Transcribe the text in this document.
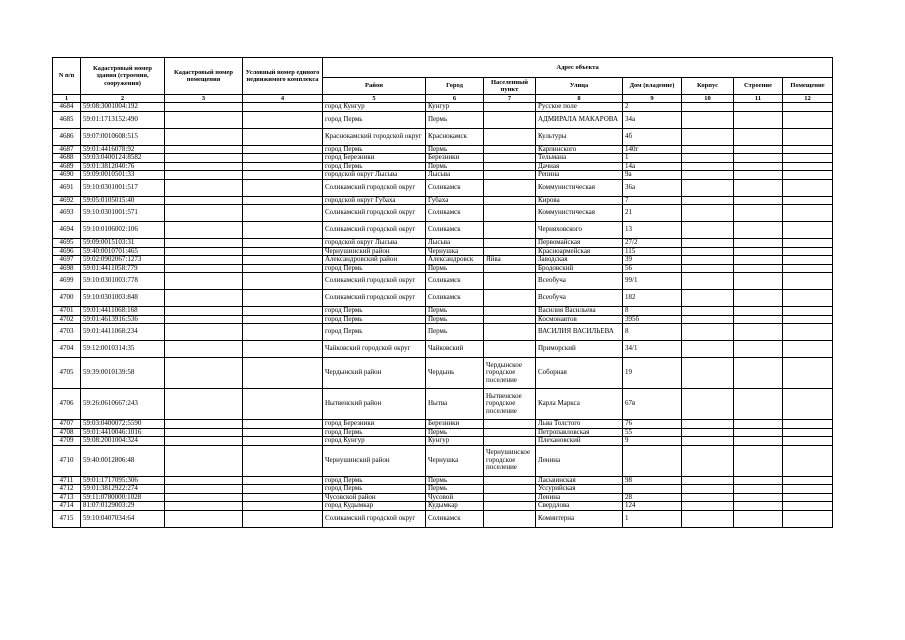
N п/п	Кадастровый номер здания (строения, сооружения)	Кадастровый номер помещения	Условный номер единого недвижимого комплекса	Адрес объекта							
				Район	Город	Населенный пункт	Улица	Дом (владение)	Корпус	Строение	Помещение
1	2	3	4	5	6	7	8	9	10	11	12
4684	59:08:3001004:192			город Кунгур	Кунгур		Русское поле	2			
4685	59:01:1713152:490			город Пермь	Пермь		АДМИРАЛА МАКАРОВА	34а			
4686	59:07:0010608:515			Краснокамский городской округ	Краснокамск		Культуры	4б			
4687	59:01:4416078:92			город Пермь	Пермь		Карпинского	140г			
4688	59:03:0400124:8582			город Березники	Березники		Тельмана	1			
4689	59:01:3812040:76			город Пермь	Пермь		Дачная	14а			
4690	59:09:0010501:33			городской округ Лысьва	Лысьва		Репина	9а			
4691	59:10:0301001:517			Соликамский городской округ	Соликамск		Коммунистическая	36а			
4692	59:05:0105015:40			городской округ Губаха	Губаха		Кирова	7			
4693	59:10:0301001:571			Соликамский городской округ	Соликамск		Коммунистическая	21			
4694	59:10:0106002:106			Соликамский городской округ	Соликамск		Черняховского	13			
4695	59:09:0015103:31			городской округ Лысьва	Лысьва		Первомайская	27/2			
4696	59:40:0010701:465			Чернушинский район	Чернушка		Красноармейская	115			
4697	59:02:0902067:1273			Александровский район	Александровск	Яйва	Заводская	39			
4698	59:01:4411058:779			город Пермь	Пермь		Бродовский	56			
4699	59:10:0301003:778			Соликамский городской округ	Соликамск		Всеобуча	99/1			
4700	59:10:0301003:848			Соликамский городской округ	Соликамск		Всеобуча	182			
4701	59:01:4411068:168			город Пермь	Пермь		Василия Васильева	8			
4702	59:01:4613916:536			город Пермь	Пермь		Космонавтов	395б			
4703	59:01:4411068:234			город Пермь	Пермь		ВАСИЛИЯ ВАСИЛЬЕВА	8			
4704	59:12:0010314:35			Чайковский городской округ	Чайковский		Приморский	34/1			
4705	59:39:0010139:58			Чердынский район	Чердынь	Чердынское городское поселение	Соборная	19			
4706	59:26:0610667:243			Нытвенский район	Нытва	Нытвенское городское поселение	Карла Маркса	67в			
4707	59:03:0400072:5590			город Березники	Березники		Льва Толстого	76			
4708	59:01:4410046:1016			город Пермь	Пермь		Петропавловская	55			
4709	59:08:2001004:324			город Кунгур	Кунгур		Плехановский	9			
4710	59:40:0012806:48			Чернушинский район	Чернушка	Чернушинское городское поселение	Ленина				
4711	59:01:1717095:306			город Пермь	Пермь		Ласьвинская	98			
4712	59:01:3812922:274			город Пермь	Пермь		Уссурийская				
4713	59:11:0780000:1028			Чусовской район	Чусовой		Ленина	28			
4714	81:07:0129003:29			город Кудымкар	Кудымкар		Свердлова	124			
4715	59:10:0407034:64			Соликамский городской округ	Соликамск		Коминтерна	1			
